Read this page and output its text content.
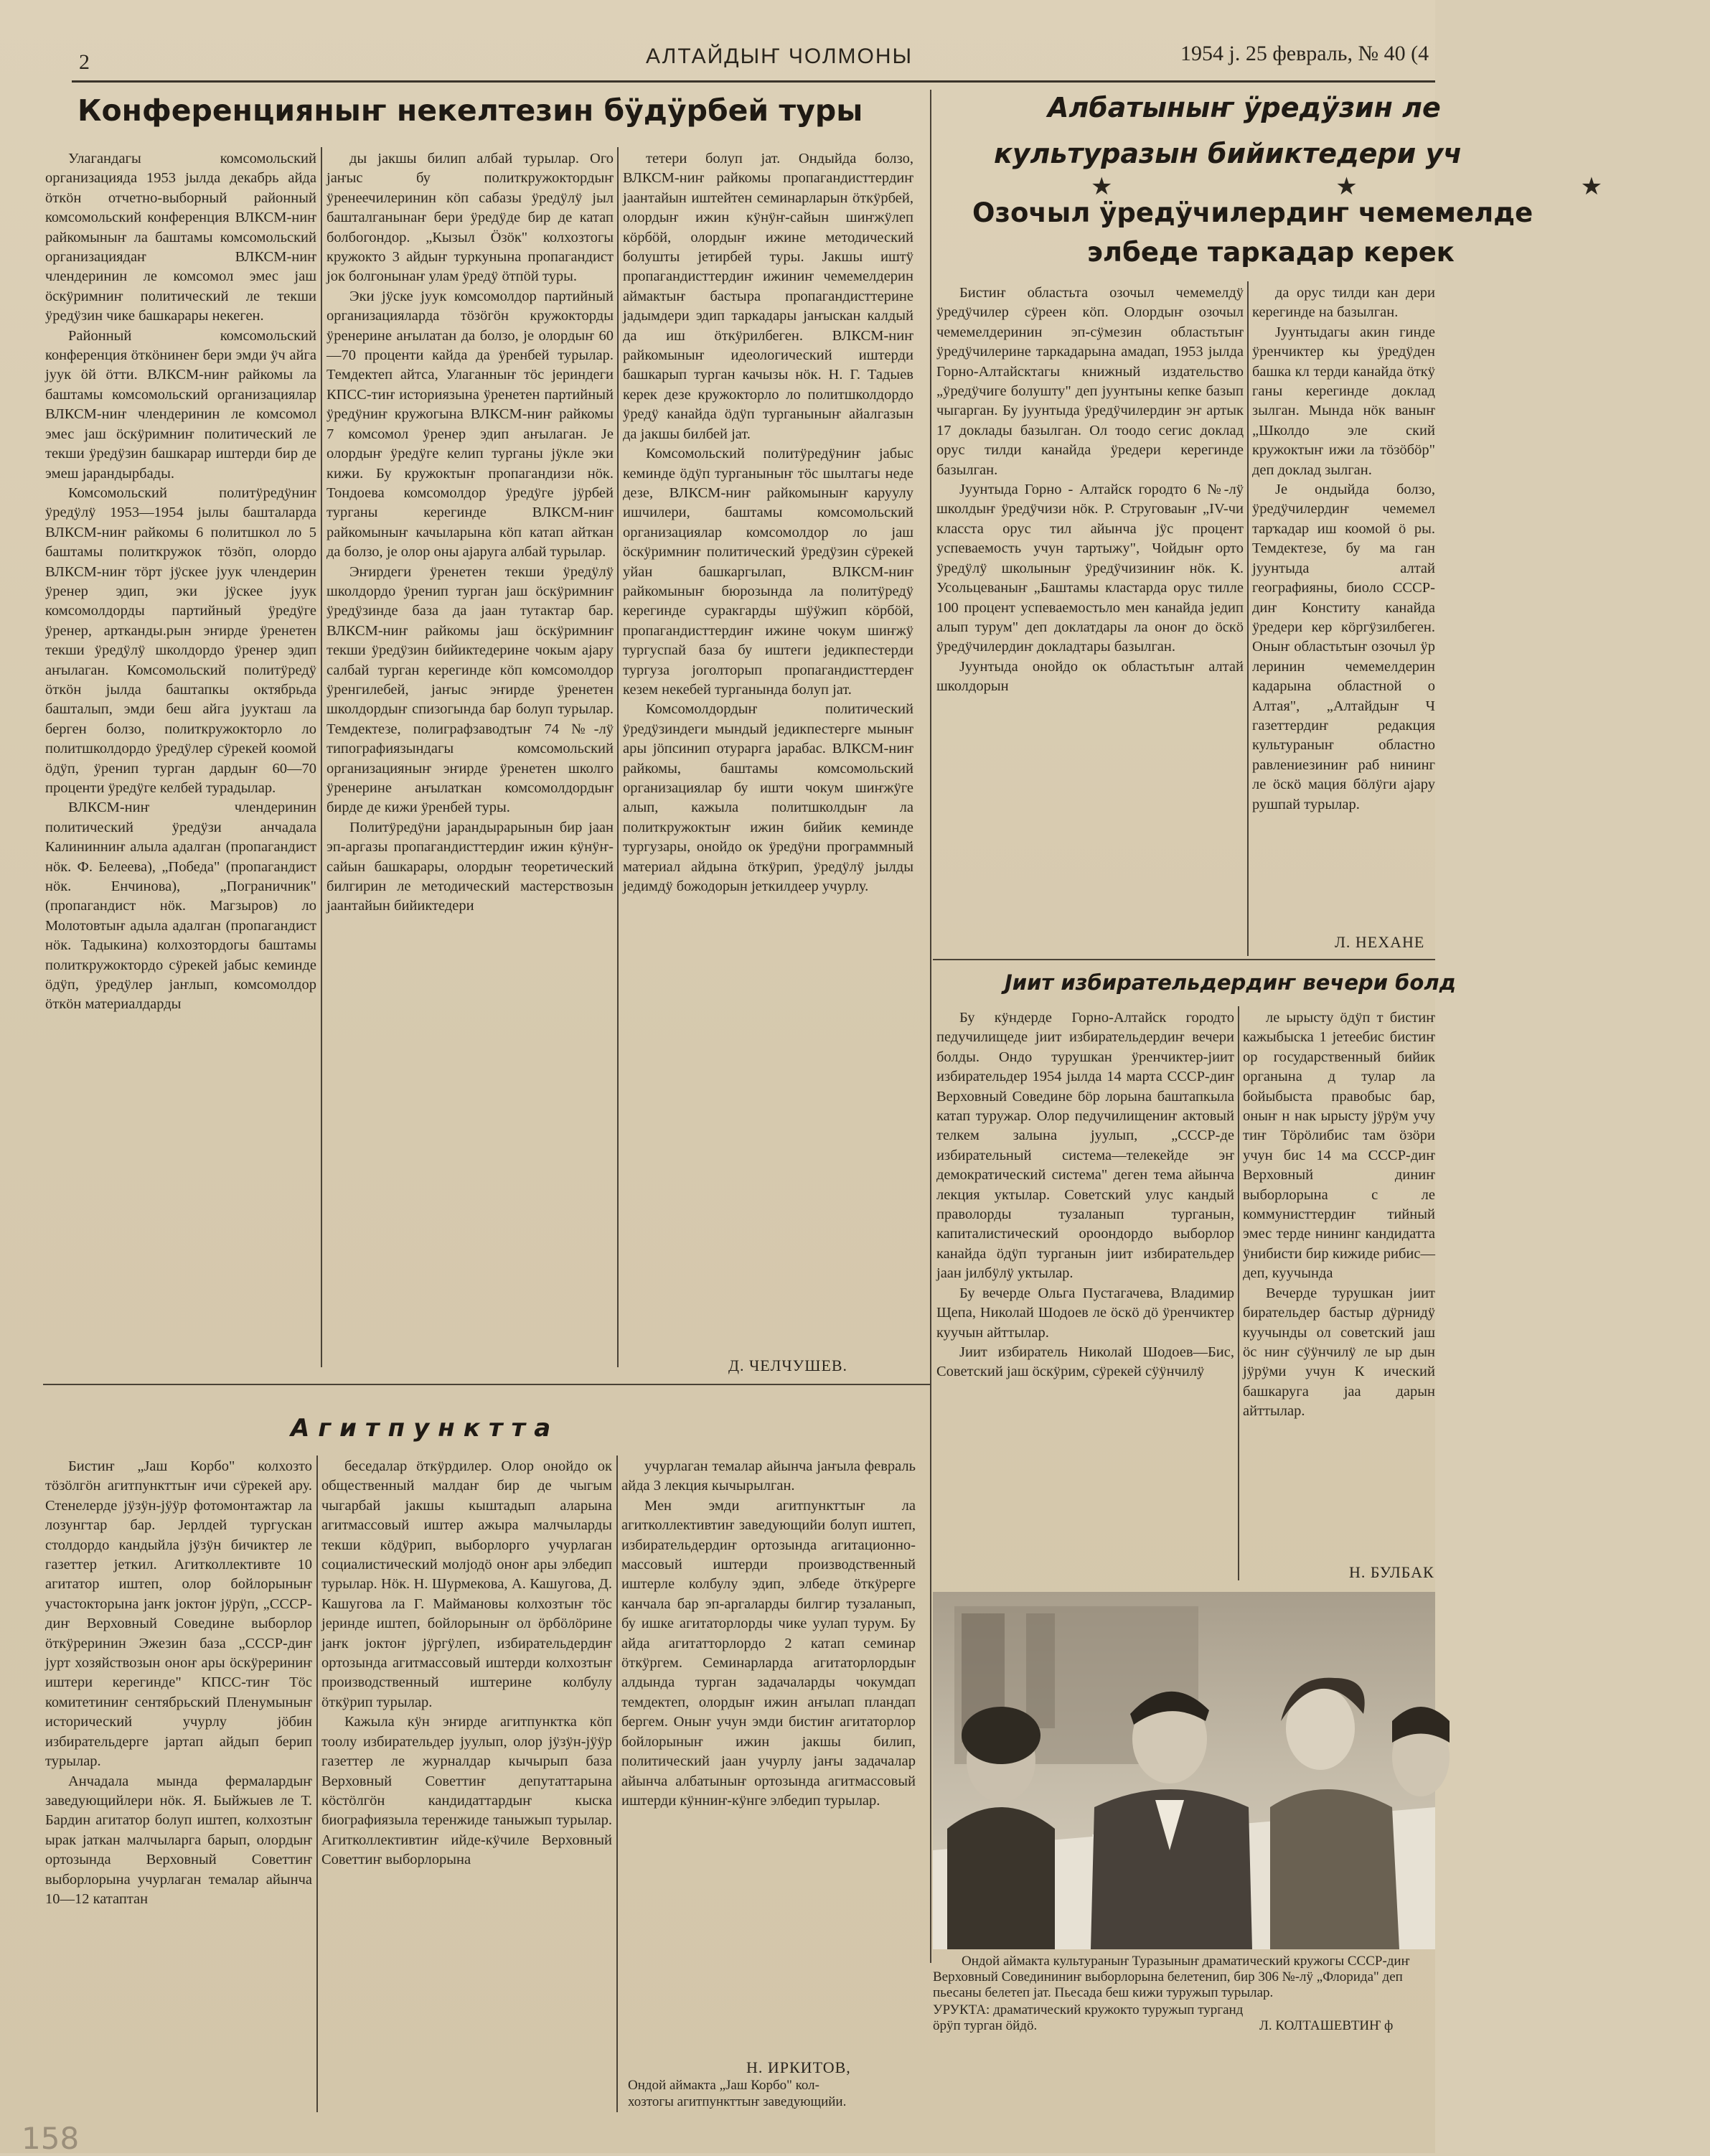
2	АЛТАЙДЫҤ ЧОЛМОНЫ	1954 ј. 25 февраль, № 40 (4
Конференцияныҥ некелтезин бÿдÿрбей туры

Улагандагы комсомольский организацияда 1953 јылда декабрь айда ӧткӧн отчетно-выборный районный комсомольский конференция ВЛКСМ-ниҥ райкомыныҥ ла баштамы комсомольский организациядаҥ ВЛКСМ-ниҥ члендеринин ле комсомол эмес јаш ӧскÿримниҥ политический ле текши ÿредÿзин чике башкарары некеген.

Районный комсомольский конференция ӧткӧнинеҥ бери эмди ÿч айга јуук ӧй ӧтти. ВЛКСМ-ниҥ райкомы ла баштамы комсомольский организациялар ВЛКСМ-ниҥ члендеринин ле комсомол эмес јаш ӧскÿримниҥ политический ле текши ÿредÿзин башкарар иштерди бир де эмеш јарандырбады.

Комсомольский политÿредÿниҥ ÿредÿлÿ 1953—1954 јылы башталарда ВЛКСМ-ниҥ райкомы 6 политшкол ло 5 баштамы политкружок тӧзӧп, олордо ВЛКСМ-ниҥ тӧрт јÿскее јуук члендерин ÿренер эдип, эки јÿскее јуук комсомолдорды партийный ÿредÿге ÿренер, артканды.рын эҥирде ÿренетен текши ÿредÿлÿ школдордо ÿренер эдип аҥылаган. Комсомольский политÿредÿ ӧткӧн јылда баштапкы октябрьда башталып, эмди беш айга јуукташ ла берген болзо, политкружокторло ло политшколдордо ÿредÿлер сÿрекей коомой ӧдÿп, ÿренип турган дардыҥ 60—70 проценти ÿредÿге келбей турадылар.

ВЛКСМ-ниҥ члендеринин политический ÿредÿзи анчадала Калининниҥ алыла адалган (пропагандист нӧк. Ф. Белеева), „Победа" (пропагандист нӧк. Енчинова), „Пограничник" (пропагандист нӧк. Магзыров) ло Молотовтыҥ адыла адалган (пропагандист нӧк. Тадыкина) колхозтордогы баштамы политкружоктордо сÿрекей јабыс кеминде ӧдÿп, ÿредÿлер јаҥлып, комсомолдор ӧткӧн материалдарды

ды јакшы билип албай турылар. Ого јаҥыс бу политкружоктордыҥ ÿренеечилеринин кӧп сабазы ÿредÿлÿ јыл башталганынаҥ бери ÿредÿде бир де катап болбогондор. „Кызыл Ӧзӧк" колхозтогы кружокто 3 айдыҥ туркунына пропагандист јок болгонынаҥ улам ÿредÿ ӧтпӧй туры.

Эки јÿске јуук комсомолдор партийный организацияларда тӧзӧгӧн кружокторды ÿренерине аҥылатан да болзо, је олордыҥ 60—70 проценти кайда да ÿренбей турылар. Темдектеп айтса, Улаганныҥ тӧс јериндеги КПСС-тиҥ историязына ÿренетен партийный ÿредÿниҥ кружогына ВЛКСМ-ниҥ райкомы 7 комсомол ÿренер эдип аҥылаган. Је олордыҥ ÿредÿге келип турганы јÿкле эки кижи. Бу кружоктыҥ пропагандизи нӧк. Тондоева комсомолдор ÿредÿге јÿрбей турганы керегинде ВЛКСМ-ниҥ райкомыныҥ качыларына кӧп катап айткан да болзо, је олор оны ајаруга албай турылар.

Эҥирдеги ÿренетен текши ÿредÿлÿ школдордо ÿренип турган јаш ӧскÿримниҥ ÿредÿзинде база да јаан тутактар бар. ВЛКСМ-ниҥ райкомы јаш ӧскÿримниҥ текши ÿредÿзин бийиктедерине чокым ајару салбай турган керегинде кӧп комсомолдор ÿренгилебей, јаҥыс эҥирде ÿренетен школдордыҥ спизогында бар болуп турылар. Темдектезе, полиграфзаводтыҥ 74 №-лÿ типографиязындагы комсомольский организацияныҥ эҥирде ÿренетен школго ÿренерине аҥылаткан комсомолдордыҥ бирде де кижи ÿренбей туры.

Политÿредÿни јарандырарынын бир јаан эп-аргазы пропагандисттердиҥ ижин кÿнÿҥ-сайын башкарары, олордыҥ теоретический билгирин ле методический мастерствозын јаантайын бийиктедери

тетери болуп јат. Ондыйда болзо, ВЛКСМ-ниҥ райкомы пропагандисттердиҥ јаантайын иштейтен семинарларын ӧткÿрбей, олордыҥ ижин кÿнÿҥ-сайын шиҥжÿлеп кӧрбӧй, олордыҥ ижине методический болушты јетирбей туры. Јакшы иштÿ пропагандисттердиҥ ижиниҥ чемемелдерин аймактыҥ бастыра пропагандисттерине јадымдери эдип таркадары јаҥыскан калдый да иш ӧткÿрилбеген. ВЛКСМ-ниҥ райкомыныҥ идеологический иштерди башкарып турган качызы нӧк. Н. Г. Тадыев керек дезе кружокторло ло политшколдордо ÿредÿ канайда ӧдÿп турганыныҥ айалгазын да јакшы билбей јат.

Комсомольский политÿредÿниҥ јабыс кеминде ӧдÿп турганыныҥ тӧс шылтагы неде дезе, ВЛКСМ-ниҥ райкомыныҥ каруулу ишчилери, баштамы комсомольский организациялар комсомолдор ло јаш ӧскÿримниҥ политический ÿредÿзин сÿрекей уйан башкаргылап, ВЛКСМ-ниҥ райкомыныҥ бюрозында ла политÿредÿ керегинде суракгарды шÿÿжип кӧрбӧй, пропагандисттердиҥ ижине чокум шиҥжÿ тургуспай база бу иштеги једикпестерди тургуза јоголторып пропагандисттердеҥ кезем некебей турганында болуп јат.

Комсомолдордыҥ политический ÿредÿзиндеги мындый једикпестерге мыныҥ ары јӧпсинип отурарга јарабас. ВЛКСМ-ниҥ райкомы, баштамы комсомольский организациялар бу ишти чокум шиҥжÿге алып, кажыла политшколдыҥ ла политкружоктыҥ ижин бийик кеминде тургузары, онойдо ок ÿредÿни программный материал айдына ӧткÿрип, ÿредÿлÿ јылды једимдÿ божодорын јеткилдеер учурлу.

Д. ЧЕЛЧУШЕВ.
Албатыныҥ ÿредÿзин ле
культуразын бийиктедери уч
★ ★ ★
Озочыл ÿредÿчилердиҥ чемемелде
элбеде таркадар керек

Бистиҥ областьта озочыл чемемелдÿ ÿредÿчилер сÿреен кӧп. Олордыҥ озочыл чемемелдеринин эп-сÿмезин областьтыҥ ÿредÿчилерине таркадарына амадап, 1953 јылда Горно-Алтайсктагы книжный издательство „ÿредÿчиге болушту" деп јуунтыны кепке базып чыгарган. Бу јуунтыда ÿредÿчилердиҥ эҥ артык 17 доклады базылган. Ол тоодо сегис доклад орус тилди канайда ÿредери керегинде базылган.

Јуунтыда Горно - Алтайск городто 6 №-лÿ школдыҥ ÿредÿчизи нӧк. Р. Струговаыҥ „IV-чи класста орус тил айынча јÿс процент успеваемость учун тартыжу", Чойдыҥ орто ÿредÿлÿ школыныҥ ÿредÿчизиниҥ нӧк. К. Усольцеваныҥ „Баштамы кластарда орус тилле 100 процент успеваемостьло мен канайда једип алып турум" деп доклатдары ла оноҥ до ӧскӧ ÿредÿчилердиҥ докладтары базылган.

Јуунтыда онойдо ок областьтыҥ алтай школдорын

да орус тилди кан дери керегинде на базылган.

Јуунтыдагы акин гинде ÿренчиктер кы ÿредÿден башка кл терди канайда ӧткÿ ганы керегинде доклад зылган. Мында нӧк ваныҥ „Школдо эле ский кружоктыҥ ижи ла тӧзӧбӧр" деп доклад зылган.

Је ондыйда болзо, ÿредÿчилердиҥ чемемел тарҡадар иш коомой ӧ ры. Темдектезе, бу ма ган јуунтыда алтай географияны, биоло СССР-диҥ Конститу канайда ÿредери кер кӧргÿзилбеген. Оныҥ областьтыҥ озочыл ÿр леринин чемемелдерин кадарына областной о Алтая", „Алтайдыҥ Ч газеттердиҥ редакция культураныҥ областно равлениезиниҥ раб нининг ле ӧскӧ мация бӧлÿги ајару рушпай турылар.

Л. НЕХАНЕ
Јиит избирательдердиҥ вечери болд

Бу кÿндерде Горно-Алтайск городто педучилищеде јиит избирательдердиҥ вечери болды. Ондо турушкан ÿренчиктер-јиит избирательдер 1954 јылда 14 марта СССР-диҥ Верховный Соведине бӧр лорына баштапкыла катап туружар. Олор педучилищениҥ актовый телкем залына јуулып, „СССР-де избирательный система—телекейде эҥ демократический система" деген тема айынча лекция уктылар. Советский улус кандый праволорды тузаланып турганын, капиталистический ороондордо выборлор канайда ӧдÿп турганын јиит избирательдер јаан јилбÿлÿ уктылар.

Бу вечерде Ольга Пустагачева, Владимир Щепа, Николай Шодоев ле ӧскӧ дӧ ÿренчиктер куучын айттылар.

Јиит избиратель Николай Шодоев—Бис, Советский јаш ӧскÿрим, сÿрекей сÿÿнчилÿ

ле ырысту ӧдÿп т бистиҥ кажыбыска 1 јетеебис бистиҥ ор государственный бийик органына д тулар ла бойыбыста правобыс бар, оныҥ н нак ырысту јÿрÿм учу тиҥ Тӧрӧлибис там ӧзӧри учун бис 14 ма СССР-диҥ Верховный диниҥ выборлорына с ле коммунисттердиҥ тийный эмес терде нининг кандидатта ÿнибисти бир кижиде рибис—деп, куучында

Вечерде турушкан јиит бирательдер бастыр дÿрнидÿ куучынды ол советский јаш ӧс ниҥ сÿÿнчилÿ ле ыр дын јÿрÿми учун К ический башкаруга јаа дарын айттылар.

Н. БУЛБАК
Агитпунктта

Бистиҥ „Јаш Корбо" колхозто тӧзӧлгӧн агитпункттыҥ ичи сÿрекей ару. Стенелерде јÿзÿн-јÿÿр фотомонтажтар ла лозунгтар бар. Јерлдей тургускан столдордо кандыйла јÿзÿн бичиктер ле газеттер јеткил. Агитколлективте 10 агитатор иштеп, олор бойлорыныҥ участокторына јаҥк јоктоҥ јÿрÿп, „СССР-диҥ Верховный Соведине выборлор ӧткÿреринин Эжезин база „СССР-диҥ јурт хозяйствозын оноҥ ары ӧскÿрериниҥ иштери керегинде" КПСС-тиҥ Тӧс комитетиниҥ сентябрьский Пленумыныҥ исторический учурлу јӧбин избирательдерге јартап айдып берип турылар.

Анчадала мында фермалардыҥ заведующийлери нӧк. Я. Быйжыев ле Т. Бардин агитатор болуп иштеп, колхозтыҥ ырак јаткан малчыларга барып, олордыҥ ортозында Верховный Советтиҥ выборлорына учурлаган темалар айынча 10—12 катаптан

беседалар ӧткÿрдилер. Олор онойдо ок общественный малдаҥ бир де чыгым чыгарбай јакшы кыштадып аларына агитмассовый иштер ажыра малчыларды текши кӧдÿрип, выборлорго учурлаган социалистический молјодӧ оноҥ ары элбедип турылар. Нӧк. Н. Шурмекова, А. Кашугова, Д. Кашугова ла Г. Маймановы колхозтыҥ тӧс јеринде иштеп, бойлорыныҥ ол ӧрбӧлӧрине јаҥк јоктоҥ јÿргÿлеп, избирательдердиҥ ортозында агитмассовый иштерди колхозтыҥ производственный иштерине колбулу ӧткÿрип турылар.

Кажыла кÿн эҥирде агитпунктка кӧп тоолу избирательдер јуулып, олор јÿзÿн-јÿÿр газеттер ле журналдар кычырып база Верховный Советтиҥ депутаттарына кӧстӧлгӧн кандидаттардыҥ кыска биографиязыла теренжиде таныжып турылар. Агитколлективтиҥ ийде-кÿчиле Верховный Советтиҥ выборлорына

учурлаган темалар айынча јаҥыла февраль айда 3 лекция кычырылган.

Мен эмди агитпункттыҥ ла агитколлективтиҥ заведующийи болуп иштеп, избирательдердиҥ ортозында агитационно-массовый иштерди производственный иштерле колбулу эдип, элбеде ӧткÿрерге канчала бар эп-аргаларды билгир тузаланып, бу ишке агитаторлорды чике уулап турум. Бу айда агитатторлордо 2 катап семинар ӧткÿргем. Семинарларда агитаторлордыҥ алдында турган задачаларды чокумдап темдектеп, олордыҥ ижин аҥылап пландап бергем. Оныҥ учун эмди бистиҥ агитаторлор бойлорыныҥ ижин јакшы билип, политический јаан учурлу јаҥы задачалар айынча албатыныҥ ортозында агитмассовый иштерди кÿнниҥ-кÿнге элбедип турылар.

Н. ИРКИТОВ,
Ондой аймакта „Јаш Корбо" кол-
хозтогы агитпункттыҥ заведующийи.
Ондой аймакта культураныҥ Туразыныҥ драматический кружогы СССР-диҥ Верховный Соведининиҥ выборлорына белетенип, бир 306 №-лÿ „Флорида" деп пьесаны белетеп јат. Пьесада беш кижи туружып турылар.
УРУКТА: драматический кружокто туружып турганд
ӧрÿп турган ӧйдӧ.	Л. КОЛТАШЕВТИҤ ф
158
